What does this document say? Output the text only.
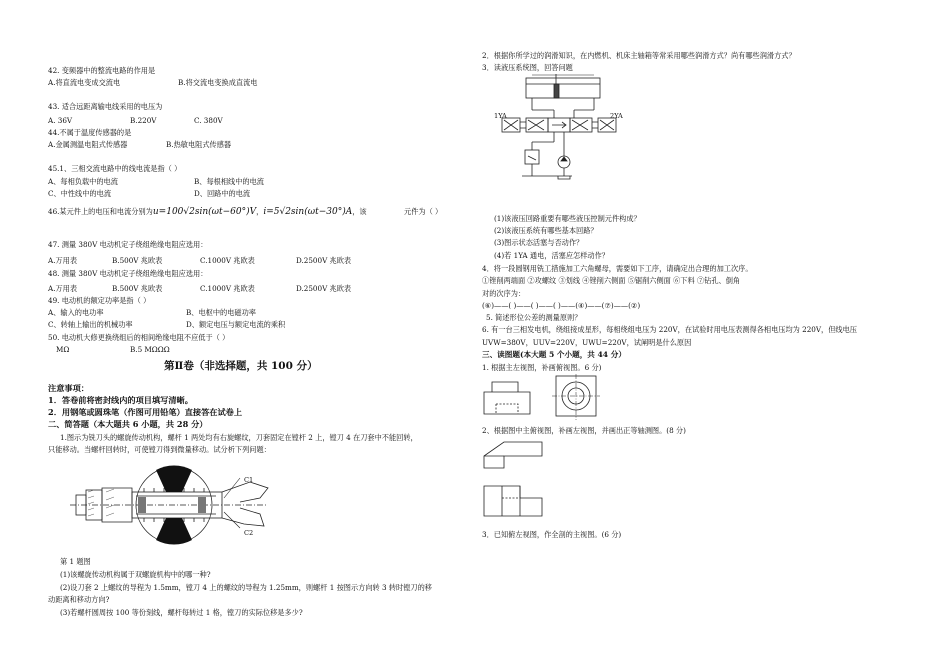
42. 变频器中的整流电路的作用是
A.将直流电变成交流电	B.将交流电变换成直流电
43. 适合远距离输电线采用的电压为
A. 36V	B.220V	C. 380V
44.不属于温度传感器的是
A.金属测温电阻式传感器	B.热敏电阻式传感器
45.1、三相交流电路中的线电流是指（ ）
A、每相负载中的电流	B、每根相线中的电流
C、中性线中的电流	D、回路中的电流
46.某元件上的电压和电流分别为u=100√2sin(ωt−60°)V，i=5√2sin(ωt−30°)A，该	元件为（ ）
47. 测量 380V 电动机定子绕组绝缘电阻应选用：
A.万用表	B.500V 兆欧表	C.1000V 兆欧表	D.2500V 兆欧表
48. 测量 380V 电动机定子绕组绝缘电阻应选用：
A.万用表	B.500V 兆欧表	C.1000V 兆欧表	D.2500V 兆欧表
49. 电动机的额定功率是指（ ）
A、输入的电功率	B、电枢中的电磁功率
C、转轴上输出的机械功率	D、额定电压与额定电流的乘积
50. 电动机大修更换绕组后的相间绝缘电阻不应低于（ ）
MΩ	B.5 MΩΩΩ
第Ⅱ卷（非选择题，共 100 分）
注意事项：
1．答卷前将密封线内的项目填写清晰。
2．用钢笔或圆珠笔（作图可用铅笔）直接答在试卷上
二、简答题（本大题共 6 小题，共 28 分）
1.图示为铣刀头的螺旋传动机构，螺杆 1 两处均有右旋螺纹，刀套固定在镗杆 2 上，镗刀 4 在刀套中不能回转，
只能移动。当螺杆回转时，可使镗刀得到微量移动。试分析下列问题：
C1
C2
第 1 题图
(1)该螺旋传动机构属于双螺旋机构中的哪一种?
(2)设刀套 2 上螺纹的导程为 1.5mm，镗刀 4 上的螺纹的导程为 1.25mm，则螺杆 1 按图示方向转 3 转时镗刀的移
动距离和移动方向?
(3)若螺杆圆周按 100 等份刻线，螺杆每转过 1 格，镗刀的实际位移是多少?
2．根据你所学过的润滑知识，在内燃机、机床主轴箱等常采用哪些润滑方式？尚有哪些润滑方式？
3．读液压系统图，回答问题
1YA	2YA
(1)该液压回路重要有哪些液压控制元件构成？
(2)该液压系统有哪些基本回路？
(3)图示状态活塞与否动作？
(4)若 1YA 通电，活塞应怎样动作？
4．将一段圆钢用铣工措施加工六角螺母，需要如下工序，请确定出合理的加工次序。
①锉削两端面 ②攻螺纹 ③划线 ④锉削六侧面 ⑤锯削六侧面 ⑥下料 ⑦钻孔、倒角
对的次序为：
(⑥)——( )——( )——( )——(④)——(⑦)——(②)
5. 简述形位公差的测量原则？
6. 有一台三相发电机，绕组接成星形，每相绕组电压为 220V，在试验时用电压表测得各相电压均为 220V，但线电压
UVW=380V，UUV=220V，UWU=220V，试阐明是什么原因
三、读图题(本大题 5 个小题，共 44 分）
1. 根据主左视图，补画俯视图。6 分)
2、根据图中主俯视图，补画左视图，并画出正等轴测图。(8 分)
3．已知俯左视图，作全剖的主视图。(6 分)
